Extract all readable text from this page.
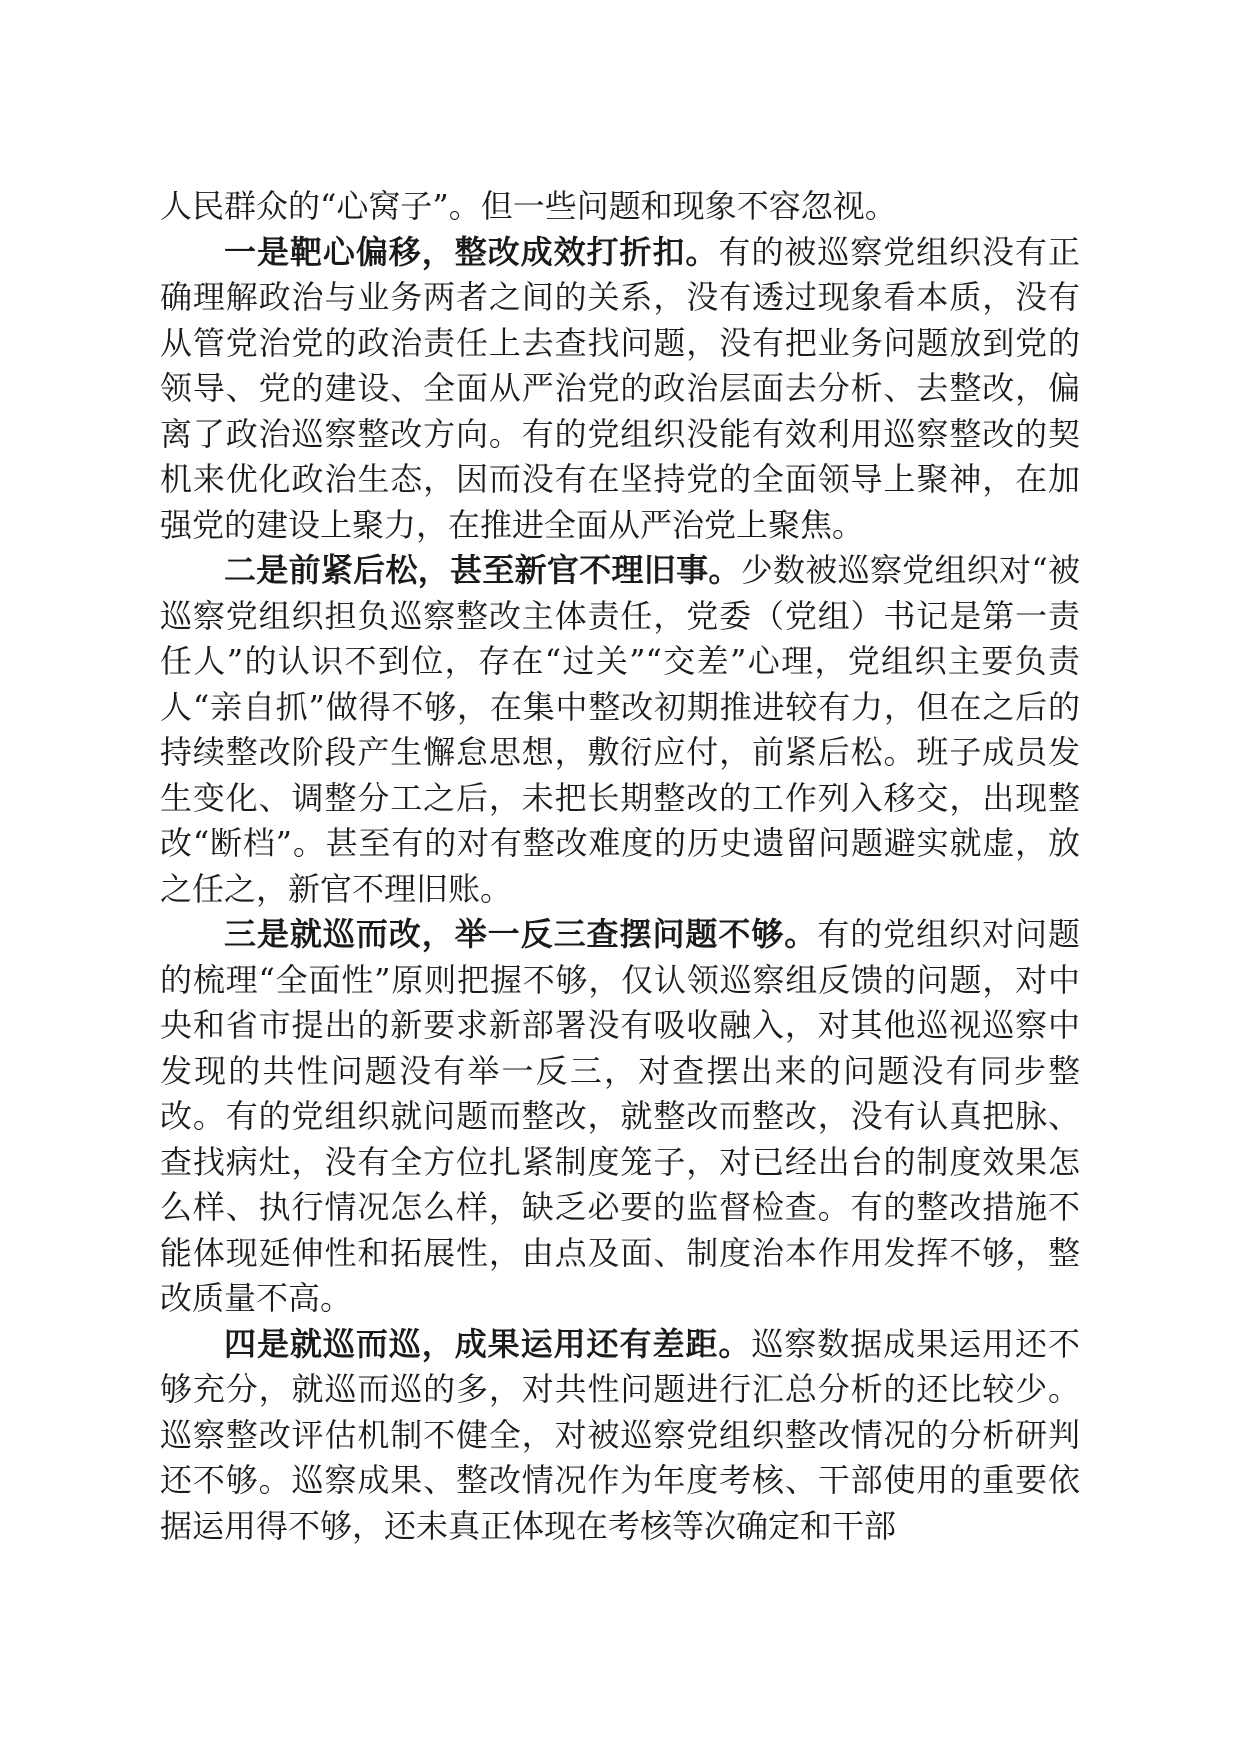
人民群众的“心窝子”。但一些问题和现象不容忽视。

一是靶心偏移，整改成效打折扣。有的被巡察党组织没有正确理解政治与业务两者之间的关系，没有透过现象看本质，没有从管党治党的政治责任上去查找问题，没有把业务问题放到党的领导、党的建设、全面从严治党的政治层面去分析、去整改，偏离了政治巡察整改方向。有的党组织没能有效利用巡察整改的契机来优化政治生态，因而没有在坚持党的全面领导上聚神，在加强党的建设上聚力，在推进全面从严治党上聚焦。

二是前紧后松，甚至新官不理旧事。少数被巡察党组织对“被巡察党组织担负巡察整改主体责任，党委（党组）书记是第一责任人”的认识不到位，存在“过关”“交差”心理，党组织主要负责人“亲自抓”做得不够，在集中整改初期推进较有力，但在之后的持续整改阶段产生懈怠思想，敷衍应付，前紧后松。班子成员发生变化、调整分工之后，未把长期整改的工作列入移交，出现整改“断档”。甚至有的对有整改难度的历史遗留问题避实就虚，放之任之，新官不理旧账。

三是就巡而改，举一反三查摆问题不够。有的党组织对问题的梳理“全面性”原则把握不够，仅认领巡察组反馈的问题，对中央和省市提出的新要求新部署没有吸收融入，对其他巡视巡察中发现的共性问题没有举一反三，对查摆出来的问题没有同步整改。有的党组织就问题而整改，就整改而整改，没有认真把脉、查找病灶，没有全方位扎紧制度笼子，对已经出台的制度效果怎么样、执行情况怎么样，缺乏必要的监督检查。有的整改措施不能体现延伸性和拓展性，由点及面、制度治本作用发挥不够，整改质量不高。

四是就巡而巡，成果运用还有差距。巡察数据成果运用还不够充分，就巡而巡的多，对共性问题进行汇总分析的还比较少。巡察整改评估机制不健全，对被巡察党组织整改情况的分析研判还不够。巡察成果、整改情况作为年度考核、干部使用的重要依据运用得不够，还未真正体现在考核等次确定和干部
